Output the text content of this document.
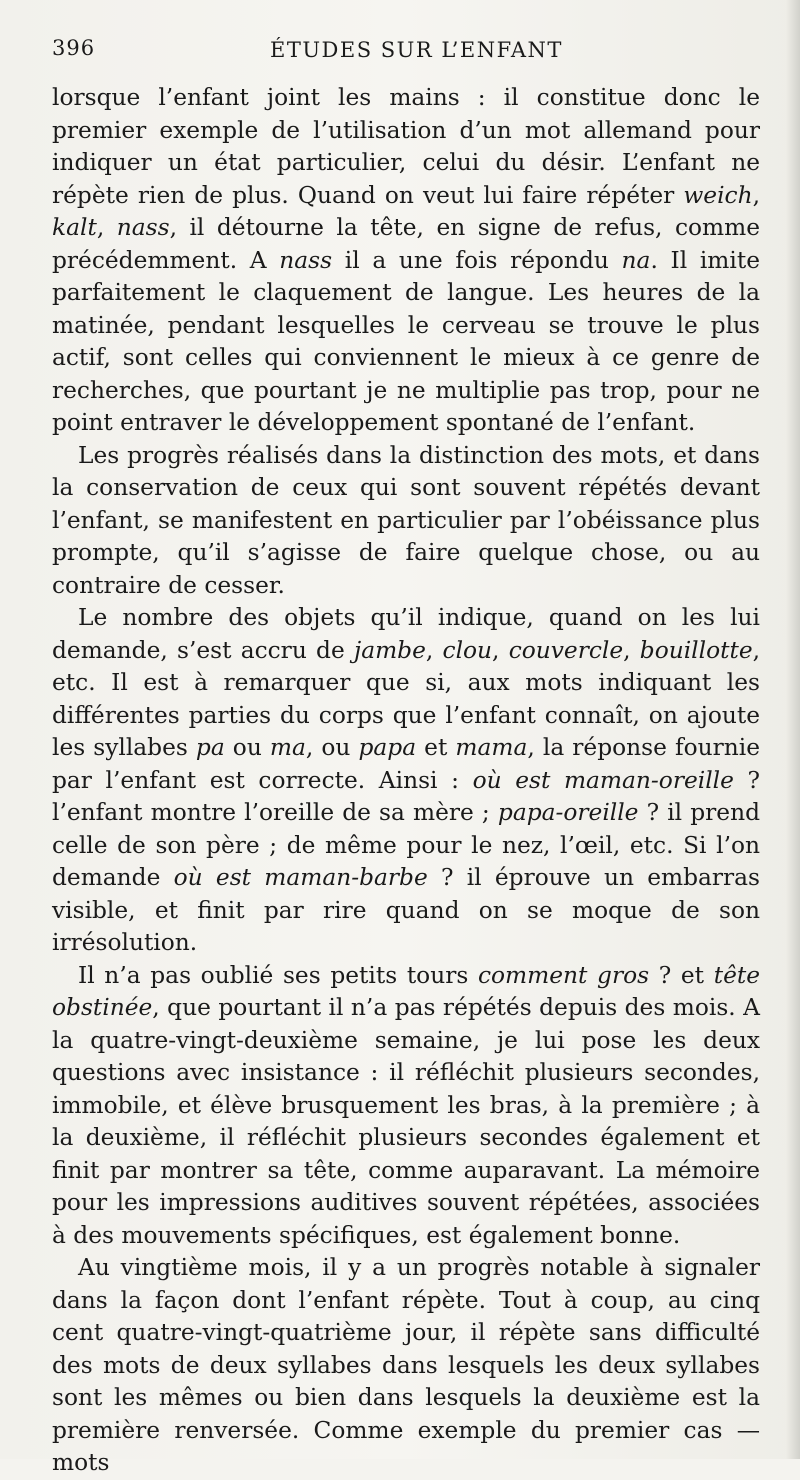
396	ÉTUDES SUR L’ENFANT

lorsque l’enfant joint les mains : il constitue donc le premier exemple de l’utilisation d’un mot allemand pour indiquer un état particulier, celui du désir. L’enfant ne répète rien de plus. Quand on veut lui faire répéter weich, kalt, nass, il détourne la tête, en signe de refus, comme précédemment. A nass il a une fois répondu na. Il imite parfaitement le claquement de langue. Les heures de la matinée, pendant lesquelles le cerveau se trouve le plus actif, sont celles qui conviennent le mieux à ce genre de recherches, que pourtant je ne multiplie pas trop, pour ne point entraver le développement spontané de l’enfant.

Les progrès réalisés dans la distinction des mots, et dans la conservation de ceux qui sont souvent répétés devant l’enfant, se manifestent en particulier par l’obéissance plus prompte, qu’il s’agisse de faire quelque chose, ou au contraire de cesser.

Le nombre des objets qu’il indique, quand on les lui demande, s’est accru de jambe, clou, couvercle, bouillotte, etc. Il est à remarquer que si, aux mots indiquant les différentes parties du corps que l’enfant connaît, on ajoute les syllabes pa ou ma, ou papa et mama, la réponse fournie par l’enfant est correcte. Ainsi : où est maman-oreille ? l’enfant montre l’oreille de sa mère ; papa-oreille ? il prend celle de son père ; de même pour le nez, l’œil, etc. Si l’on demande où est maman-barbe ? il éprouve un embarras visible, et finit par rire quand on se moque de son irrésolution.

Il n’a pas oublié ses petits tours comment gros ? et tête obstinée, que pourtant il n’a pas répétés depuis des mois. A la quatre-vingt-deuxième semaine, je lui pose les deux questions avec insistance : il réfléchit plusieurs secondes, immobile, et élève brusquement les bras, à la première ; à la deuxième, il réfléchit plusieurs secondes également et finit par montrer sa tête, comme auparavant. La mémoire pour les impressions auditives souvent répétées, associées à des mouvements spécifiques, est également bonne.

Au vingtième mois, il y a un progrès notable à signaler dans la façon dont l’enfant répète. Tout à coup, au cinq cent quatre-vingt-quatrième jour, il répète sans difficulté des mots de deux syllabes dans lesquels les deux syllabes sont les mêmes ou bien dans lesquels la deuxième est la première renversée. Comme exemple du premier cas — mots
